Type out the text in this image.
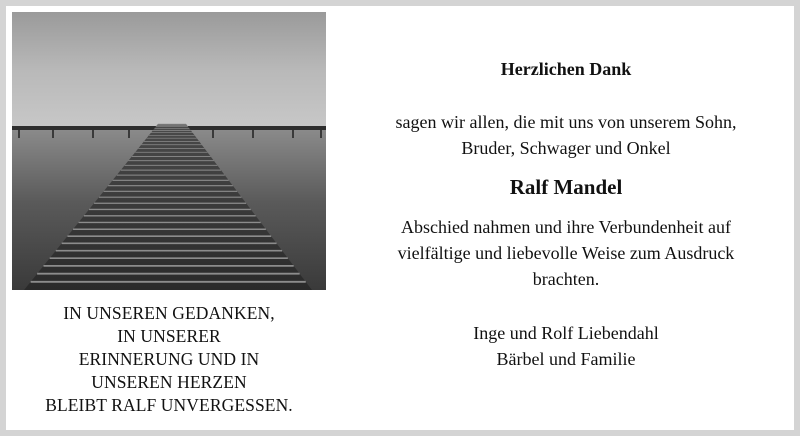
IN UNSEREN GEDANKEN,
IN UNSERER
ERINNERUNG UND IN
UNSEREN HERZEN
BLEIBT RALF UNVERGESSEN.
Herzlichen Dank
sagen wir allen, die mit uns von unserem Sohn,
Bruder, Schwager und Onkel
Ralf Mandel
Abschied nahmen und ihre Verbundenheit auf
vielfältige und liebevolle Weise zum Ausdruck
brachten.
Inge und Rolf Liebendahl
Bärbel und Familie
